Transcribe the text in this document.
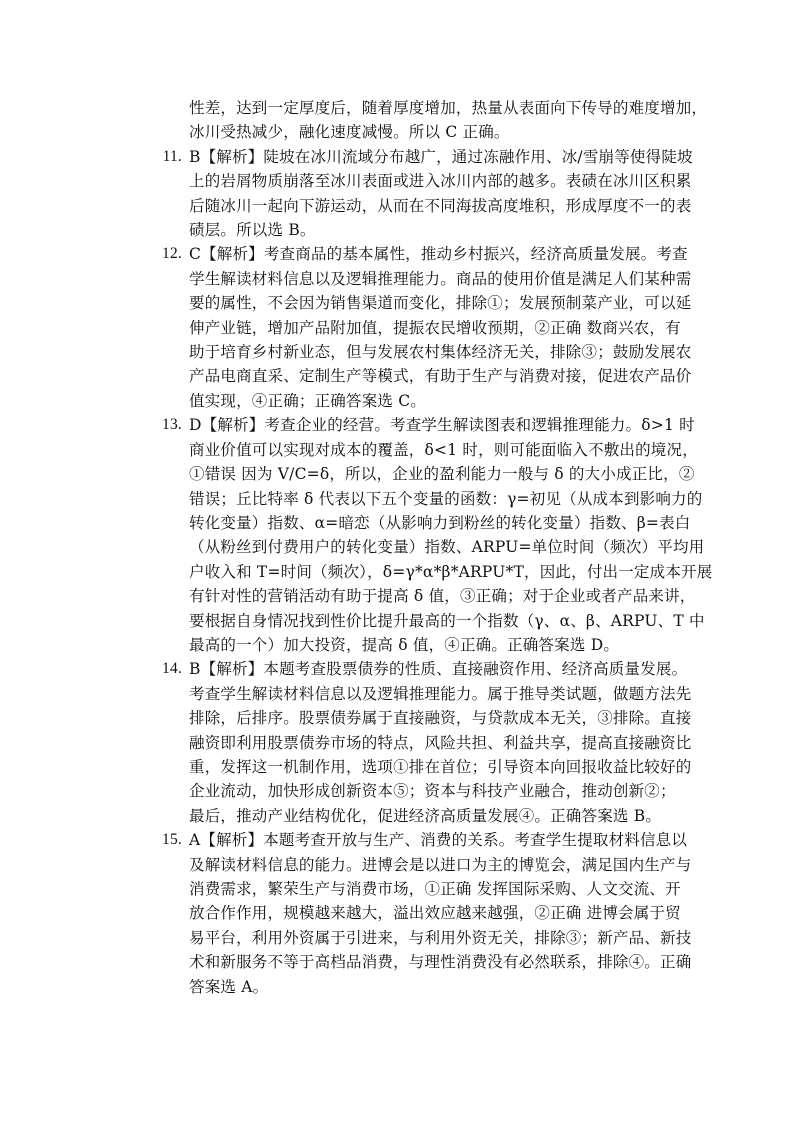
性差，达到一定厚度后，随着厚度增加，热量从表面向下传导的难度增加，
冰川受热减少，融化速度减慢。所以 C 正确。
11. B【解析】陡坡在冰川流域分布越广，通过冻融作用、冰/雪崩等使得陡坡
上的岩屑物质崩落至冰川表面或进入冰川内部的越多。表碛在冰川区积累
后随冰川一起向下游运动，从而在不同海拔高度堆积，形成厚度不一的表
碛层。所以选 B。
12. C【解析】考查商品的基本属性，推动乡村振兴，经济高质量发展。考查
学生解读材料信息以及逻辑推理能力。商品的使用价值是满足人们某种需
要的属性，不会因为销售渠道而变化，排除①；发展预制菜产业，可以延
伸产业链，增加产品附加值，提振农民增收预期，②正确 数商兴农，有
助于培育乡村新业态，但与发展农村集体经济无关，排除③；鼓励发展农
产品电商直采、定制生产等模式，有助于生产与消费对接，促进农产品价
值实现，④正确；正确答案选 C。
13. D【解析】考查企业的经营。考查学生解读图表和逻辑推理能力。δ>1 时
商业价值可以实现对成本的覆盖，δ<1 时，则可能面临入不敷出的境况，
①错误 因为 V/C=δ，所以，企业的盈利能力一般与 δ 的大小成正比，②
错误；丘比特率 δ 代表以下五个变量的函数：γ=初见（从成本到影响力的
转化变量）指数、α=暗恋（从影响力到粉丝的转化变量）指数、β=表白
（从粉丝到付费用户的转化变量）指数、ARPU=单位时间（频次）平均用
户收入和 T=时间（频次），δ=γ*α*β*ARPU*T，因此，付出一定成本开展
有针对性的营销活动有助于提高 δ 值，③正确；对于企业或者产品来讲，
要根据自身情况找到性价比提升最高的一个指数（γ、α、β、ARPU、T 中
最高的一个）加大投资，提高 δ 值，④正确。正确答案选 D。
14. B【解析】本题考查股票债券的性质、直接融资作用、经济高质量发展。
考查学生解读材料信息以及逻辑推理能力。属于推导类试题，做题方法先
排除，后排序。股票债券属于直接融资，与贷款成本无关，③排除。直接
融资即利用股票债券市场的特点，风险共担、利益共享，提高直接融资比
重，发挥这一机制作用，选项①排在首位；引导资本向回报收益比较好的
企业流动，加快形成创新资本⑤；资本与科技产业融合，推动创新②；
最后，推动产业结构优化，促进经济高质量发展④。正确答案选 B。
15. A【解析】本题考查开放与生产、消费的关系。考查学生提取材料信息以
及解读材料信息的能力。进博会是以进口为主的博览会，满足国内生产与
消费需求，繁荣生产与消费市场，①正确 发挥国际采购、人文交流、开
放合作作用，规模越来越大，溢出效应越来越强，②正确 进博会属于贸
易平台，利用外资属于引进来，与利用外资无关，排除③；新产品、新技
术和新服务不等于高档品消费，与理性消费没有必然联系，排除④。正确
答案选 A。
